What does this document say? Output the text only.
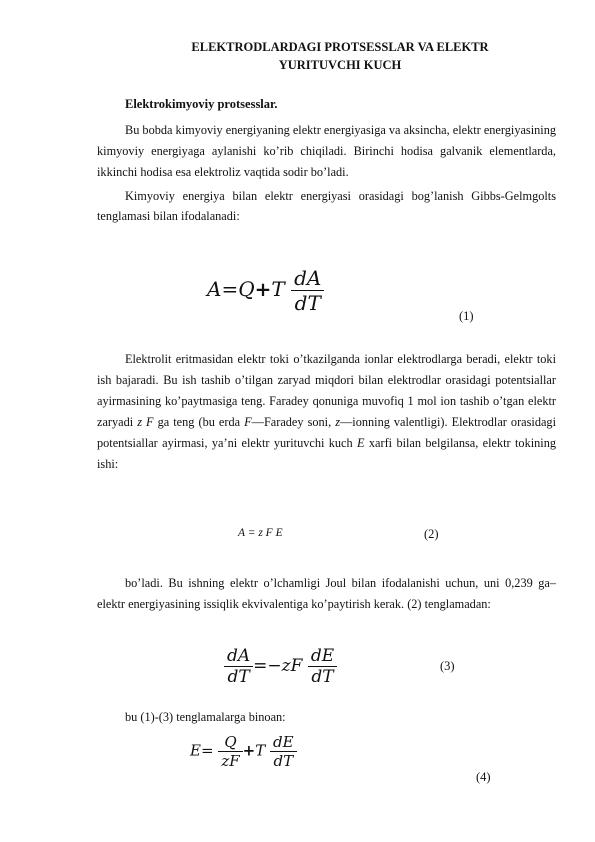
ELEKTRODLARDAGI PROTSESSLAR VA ELEKTR
YURITUVCHI KUCH
Elektrokimyoviy protsesslar.

Bu bobda kimyoviy energiyaning elektr energiyasiga va aksincha, elektr energiyasining kimyoviy energiyaga aylanishi ko’rib chiqiladi. Birinchi hodisa galvanik elementlarda, ikkinchi hodisa esa elektroliz vaqtida sodir bo’ladi.

Kimyoviy energiya bilan elektr energiyasi orasidagi bog’lanish Gibbs-Gelmgolts tenglamasi bilan ifodalanadi:

$A=Q+T \frac{dA}{dT}$
(1)

Elektrolit eritmasidan elektr toki o’tkazilganda ionlar elektrodlarga beradi, elektr toki ish bajaradi. Bu ish tashib o’tilgan zaryad miqdori bilan elektrodlar orasidagi potentsiallar ayirmasining ko’paytmasiga teng. Faradey qonuniga muvofiq 1 mol ion tashib o’tgan elektr zaryadi z F ga teng (bu erda F—Faradey soni, z—ionning valentligi). Elektrodlar orasidagi potentsiallar ayirmasi, ya’ni elektr yurituvchi kuch E xarfi bilan belgilansa, elektr tokining ishi:

A = z F E	(2)

bo’ladi. Bu ishning elektr o’lchamligi Joul bilan ifodalanishi uchun, uni 0,239 ga–elektr energiyasining issiqlik ekvivalentiga ko’paytirish kerak. (2) tenglamadan:

$\frac{dA}{dT} =-zF \frac{dE}{dT}$	(3)

bu (1)-(3) tenglamalarga binoan:

$E= \frac{Q}{zF} +T \frac{dE}{dT}$
(4)
